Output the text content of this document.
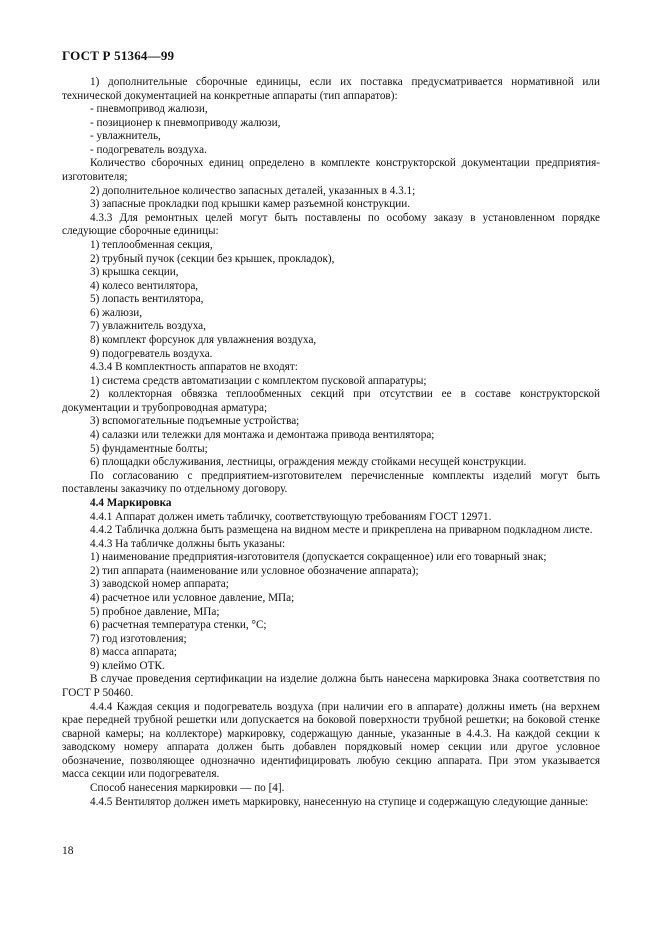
ГОСТ Р 51364—99

1) дополнительные сборочные единицы, если их поставка предусматривается нормативной или технической документацией на конкретные аппараты (тип аппаратов):

- пневмопривод жалюзи,

- позиционер к пневмоприводу жалюзи,

- увлажнитель,

- подогреватель воздуха.

Количество сборочных единиц определено в комплекте конструкторской документации предприятия-изготовителя;

2) дополнительное количество запасных деталей, указанных в 4.3.1;

3) запасные прокладки под крышки камер разъемной конструкции.

4.3.3 Для ремонтных целей могут быть поставлены по особому заказу в установленном порядке следующие сборочные единицы:

1) теплообменная секция,

2) трубный пучок (секции без крышек, прокладок),

3) крышка секции,

4) колесо вентилятора,

5) лопасть вентилятора,

6) жалюзи,

7) увлажнитель воздуха,

8) комплект форсунок для увлажнения воздуха,

9) подогреватель воздуха.

4.3.4 В комплектность аппаратов не входят:

1) система средств автоматизации с комплектом пусковой аппаратуры;

2) коллекторная обвязка теплообменных секций при отсутствии ее в составе конструкторской документации и трубопроводная арматура;

3) вспомогательные подъемные устройства;

4) салазки или тележки для монтажа и демонтажа привода вентилятора;

5) фундаментные болты;

6) площадки обслуживания, лестницы, ограждения между стойками несущей конструкции.

По согласованию с предприятием-изготовителем перечисленные комплекты изделий могут быть поставлены заказчику по отдельному договору.

4.4 Маркировка

4.4.1 Аппарат должен иметь табличку, соответствующую требованиям ГОСТ 12971.

4.4.2 Табличка должна быть размещена на видном месте и прикреплена на приварном подкладном листе.

4.4.3 На табличке должны быть указаны:

1) наименование предприятия-изготовителя (допускается сокращенное) или его товарный знак;

2) тип аппарата (наименование или условное обозначение аппарата);

3) заводской номер аппарата;

4) расчетное или условное давление, МПа;

5) пробное давление, МПа;

6) расчетная температура стенки, °С;

7) год изготовления;

8) масса аппарата;

9) клеймо ОТК.

В случае проведения сертификации на изделие должна быть нанесена маркировка Знака соответствия по ГОСТ Р 50460.

4.4.4 Каждая секция и подогреватель воздуха (при наличии его в аппарате) должны иметь (на верхнем крае передней трубной решетки или допускается на боковой поверхности трубной решетки; на боковой стенке сварной камеры; на коллекторе) маркировку, содержащую данные, указанные в 4.4.3. На каждой секции к заводскому номеру аппарата должен быть добавлен порядковый номер секции или другое условное обозначение, позволяющее однозначно идентифицировать любую секцию аппарата. При этом указывается масса секции или подогревателя.

Способ нанесения маркировки — по [4].

4.4.5 Вентилятор должен иметь маркировку, нанесенную на ступице и содержащую следующие данные:

18
